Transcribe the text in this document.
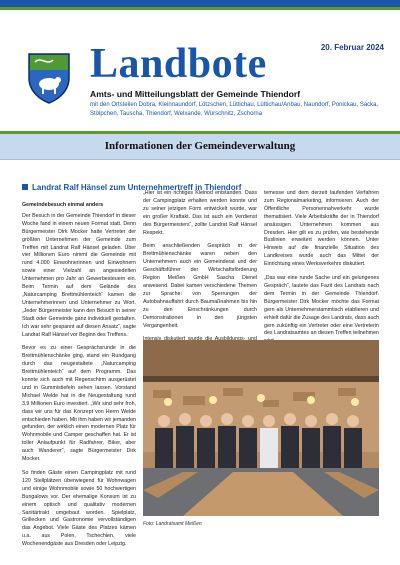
20. Februar 2024
Landbote
Amts- und Mitteilungsblatt der Gemeinde Thiendorf
mit den Ortsteilen Dobra, Kleinnaundorf, Lötzschen, Lüttichau, Lüttichau/Anbau, Naundorf, Ponickau, Sacka, Stölpchen, Tauscha, Thiendorf, Welxande, Würschnitz, Zschorna
Informationen der Gemeindeverwaltung
Landrat Ralf Hänsel zum Unternehmertreff in Thiendorf

Gemeindebesuch einmal anders

Der Besuch in der Gemeinde Thiendorf in dieser Woche fand in einem neuen Format statt. Denn Bürgermeister Dirk Mocker hatte Vertreter der größten Unternehmen der Gemeinde zum Treffen mit Landrat Ralf Hänsel geladen. Über vier Millionen Euro nimmt die Gemeinde mit rund 4.000 Einwohnerinnen und Einwohnern sowie einer Vielzahl an angesiedelten Unternehmen pro Jahr an Gewerbesteuern ein. Beim Termin auf dem Gelände des „Naturcamping Brettmühlenteich“ kamen die Unternehmerinnen und Unternehmer zu Wort. „Jeder Bürgermeister kann den Besuch in seiner Stadt oder Gemeinde ganz individuell gestalten. Ich war sehr gespannt auf diesen Ansatz“, sagte Landrat Ralf Hänsel vor Beginn des Treffens.

Bevor es zu einer Gesprächsrunde in die Brettmühlenschänke ging, stand ein Rundgang durch das neugestaltete „Naturcamping Brettmühlenteich“ auf dem Programm. Das konnte sich auch mit Regenschirm ausgerüstet und in Gummistiefeln sehen lassen. Vorstand Michael Welde hat in die Neugestaltung rund 3,9 Millionen Euro investiert. „Wir sind sehr froh, dass wir uns für das Konzept von Herrn Welde entschieden haben. Mit ihm haben wir jemanden gefunden, der wirklich einen modernen Platz für Wohnmobile und Camper geschaffen hat. Er ist toller Anlaufpunkt für Radfahrer, Biker, aber auch Wanderer“, sagte Bürgermeister Dirk Mocker.

So finden Gäste einen Campingplatz mit rund 120 Stellplätzen überwiegend für Wohnwagen und einige Wohnmobile sowie 50 hochwertigen Bungalows vor. Der ehemalige Konsum ist zu einem optisch und qualitativ modernen Sanitärtrakt umgebaut worden. Spielplatz, Grillecken und Gastronomie vervollständigen das Angebot. Viele Gäste des Platzes kämen u.a. aus Polen, Tschechien, viele Wochenendgäste aus Dresden oder Leipzig.

„Hier ist ein richtiges Kleinod entstanden. Dass der Campingplatz erhalten werden konnte und zu seiner jetzigen Form entwickelt wurde, war ein großer Kraftakt. Das ist auch ein Verdienst des Bürgermeisters“, zollte Landrat Ralf Hänsel Respekt.

Beim anschließenden Gespräch in der Brettmühlenschänke waren neben den Unternehmern auch ein Gemeinderat und der Geschäftsführer der Wirtschaftsförderung Region Meißen GmbH Sascha Dienel anwesend. Dabei kamen verschiedene Themen zur Sprache: von Sperrungen der Autobahnauffahrt durch Baumaßnahmen bis hin zu den Einschränkungen durch Demonstrationen in den jüngsten Vergangenheit.

temesse und dem derzeit laufenden Verfahren zum Regionalmarketing, informieren. Auch der Öffentliche Personennahverkehr wurde thematisiert. Viele Arbeitskräfte der in Thiendorf ansässigen Unternehmen kommen aus Dresden. Hier gilt es zu prüfen, wie bestehende Buslinien erweitert werden können. Unter Hinweis auf die finanzielle Situation des Landkreises wurde auch das Mittel der Einrichtung eines Werksverkehrs diskutiert.

„Das war eine runde Sache und ein gelungenes Gespräch“, lautete das Fazit des Landrats nach dem Termin in der Gemeinde Thiendorf. Bürgermeister Dirk Mocker möchte das Format gern als Unternehmerstammtisch etablieren und erhielt dafür die Zusage des Landrats, dass auch gern zukünftig ein Vertreter oder eine Vertreterin des Landratsamtes an diesen Treffen teilnehmen

Foto: Landratsamt Meißen
